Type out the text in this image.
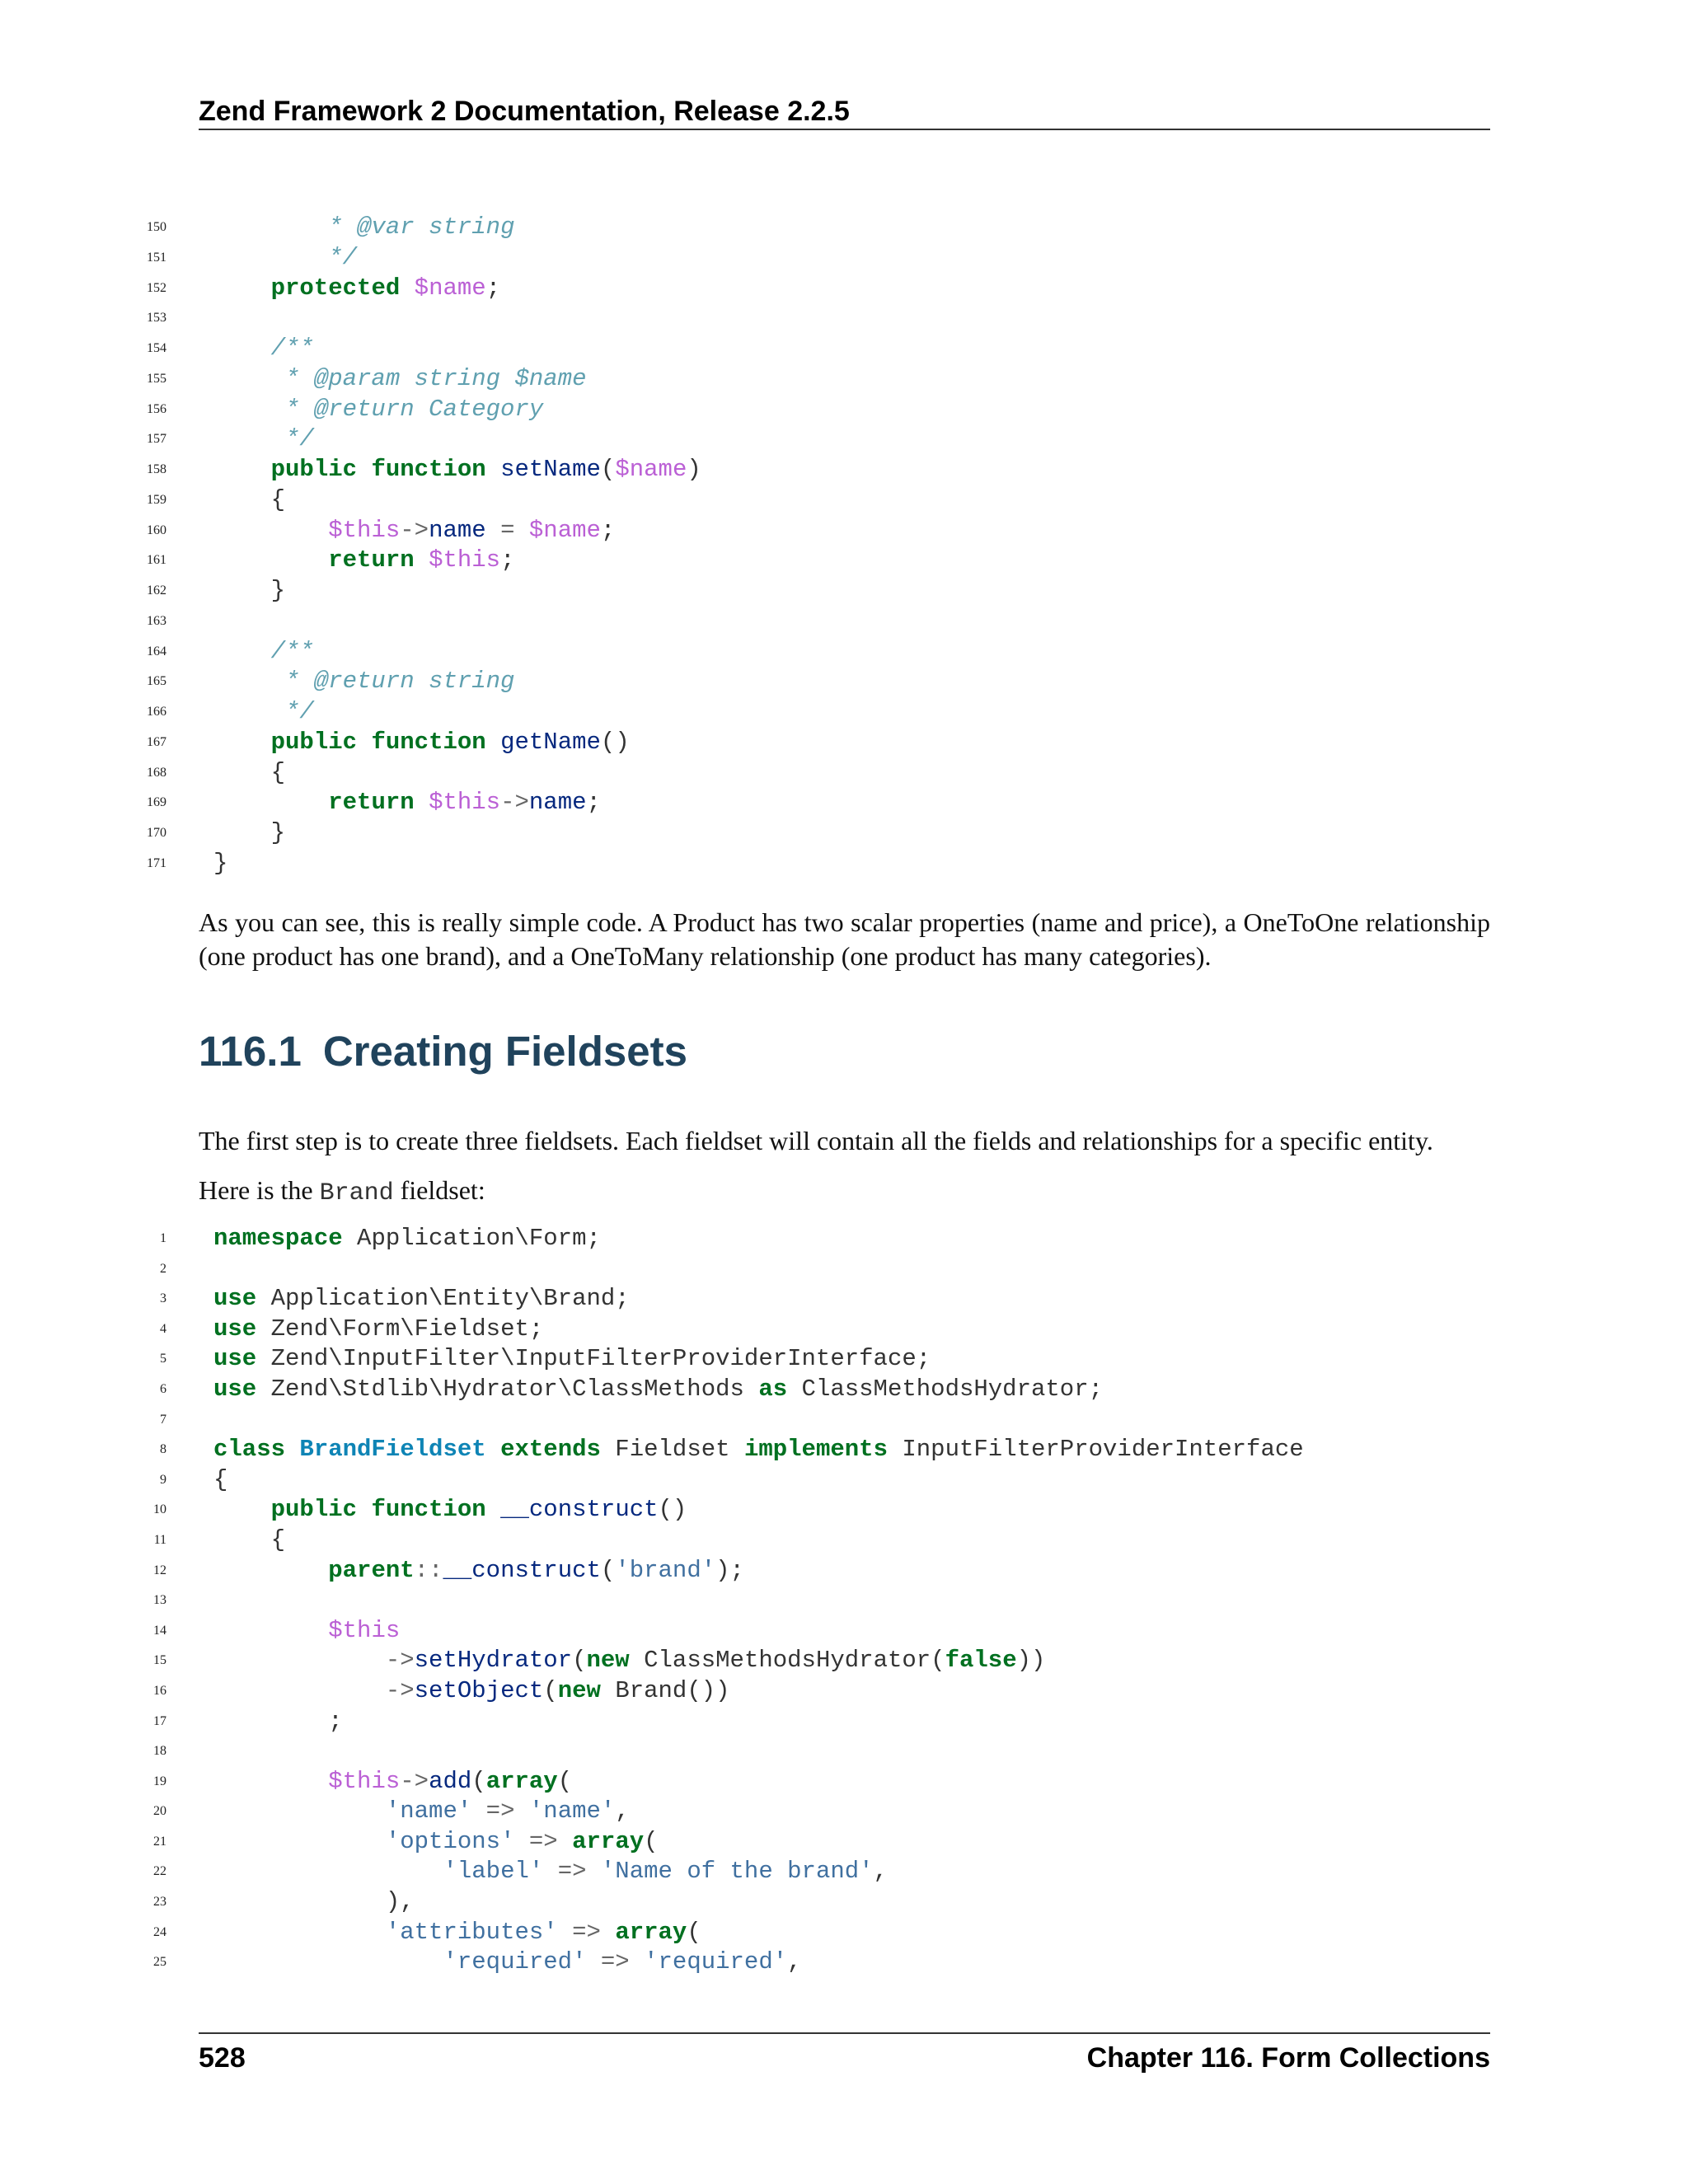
Zend Framework 2 Documentation, Release 2.2.5
150	* @var string
151	*/
152	protected $name;
153
154	/**
155	* @param string $name
156	* @return Category
157	*/
158	public function setName($name)
159 {
160	$this->name = $name;
161	return $this;
162 }
163
164	/**
165	* @return string
166	*/
167	public function getName()
168 {
169	return $this->name;
170 }
171 }
As you can see, this is really simple code. A Product has two scalar properties (name and price), a OneToOne relationship (one product has one brand), and a OneToMany relationship (one product has many categories).
116.1 Creating Fieldsets
The first step is to create three fieldsets. Each fieldset will contain all the fields and relationships for a specific entity.
Here is the Brand fieldset:
1 namespace Application\Form;
2
3 use Application\Entity\Brand;
4 use Zend\Form\Fieldset;
5 use Zend\InputFilter\InputFilterProviderInterface;
6 use Zend\Stdlib\Hydrator\ClassMethods as ClassMethodsHydrator;
7
8 class BrandFieldset extends Fieldset implements InputFilterProviderInterface
9 {
10	public function __construct()
11 {
12	parent::__construct('brand');
13
14	$this
15	->setHydrator(new ClassMethodsHydrator(false))
16	->setObject(new Brand())
17 ;
18
19	$this->add(array(
20	'name' => 'name',
21	'options' => array(
22	'label' => 'Name of the brand',
23 ),
24	'attributes' => array(
25	'required' => 'required',
528	Chapter 116. Form Collections
